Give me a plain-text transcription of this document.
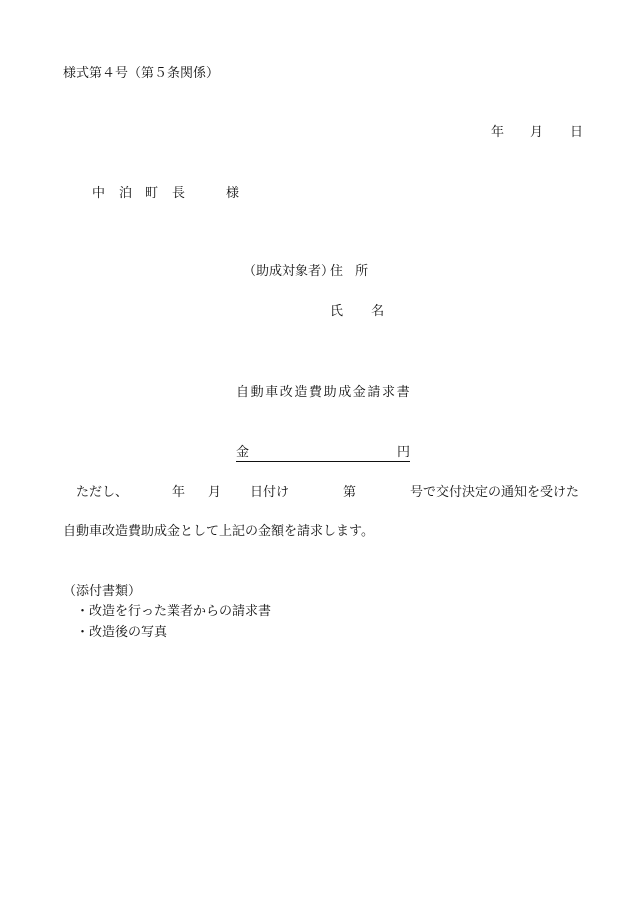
様式第４号（第５条関係）
年 月 日
中 泊 町 長	様
（助成対象者）
住 所
氏 名
自動車改造費助成金請求書
金	円
ただし、	年 月 日付け	第	号で交付決定の通知を受けた
自動車改造費助成金として上記の金額を請求します。
（添付書類）
・改造を行った業者からの請求書
・改造後の写真
